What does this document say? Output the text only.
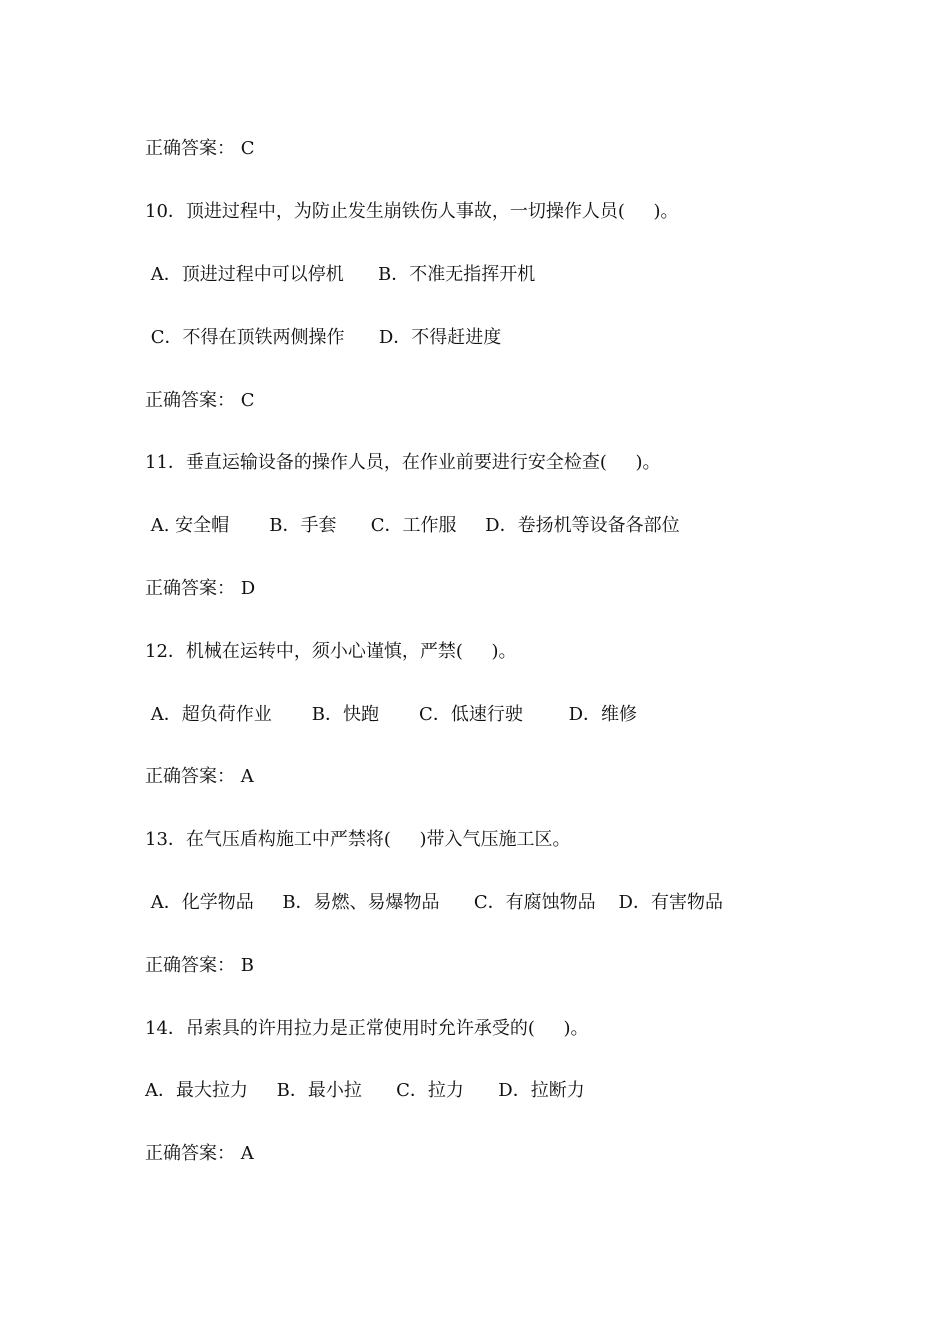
正确答案： C
10．顶进过程中，为防止发生崩铁伤人事故，一切操作人员(     )。
A．顶进过程中可以停机      B．不准无指挥开机
C．不得在顶铁两侧操作      D．不得赶进度
正确答案： C
11．垂直运输设备的操作人员，在作业前要进行安全检查(     )。
A. 安全帽       B．手套      C．工作服     D．卷扬机等设备各部位
正确答案： D
12．机械在运转中，须小心谨慎，严禁(     )。
A．超负荷作业       B．快跑       C．低速行驶        D．维修
正确答案： A
13．在气压盾构施工中严禁将(     )带入气压施工区。
A．化学物品     B．易燃、易爆物品      C．有腐蚀物品    D．有害物品
正确答案： B
14．吊索具的许用拉力是正常使用时允许承受的(     )。
A．最大拉力     B．最小拉      C．拉力      D．拉断力
正确答案： A
